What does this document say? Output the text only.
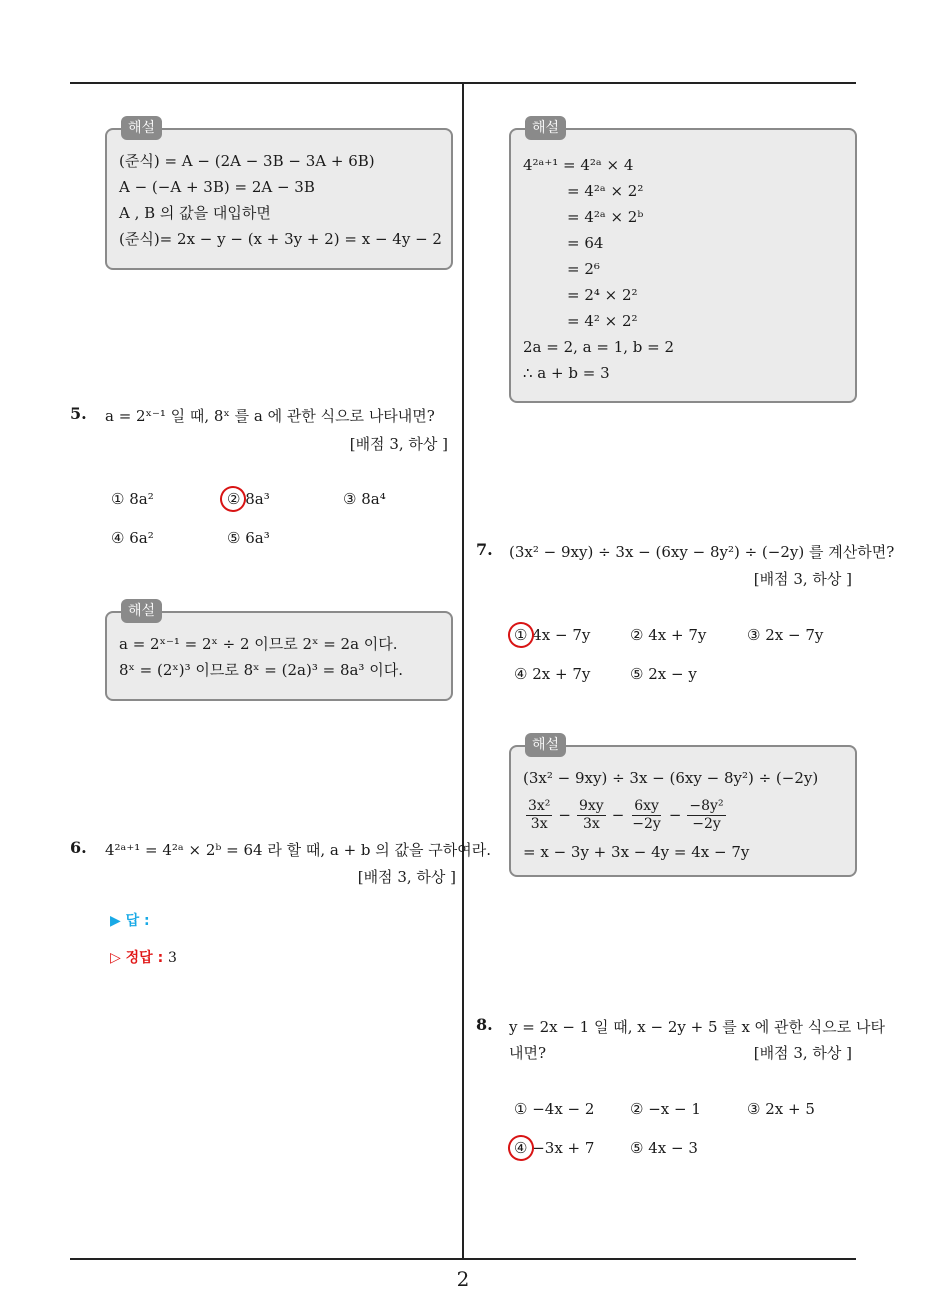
2
해설
(준식) = A − (2A − 3B − 3A + 6B)
A − (−A + 3B) = 2A − 3B
A , B 의 값을 대입하면
(준식)= 2x − y − (x + 3y + 2) = x − 4y − 2
5. a = 2ˣ⁻¹ 일 때, 8ˣ 를 a 에 관한 식으로 나타내면?
[배점 3, 하상 ]
① 8a²	② 8a³	③ 8a⁴
④ 6a²	⑤ 6a³
해설
a = 2ˣ⁻¹ = 2ˣ ÷ 2 이므로 2ˣ = 2a 이다.
8ˣ = (2ˣ)³ 이므로 8ˣ = (2a)³ = 8a³ 이다.
6. 4²ᵃ⁺¹ = 4²ᵃ × 2ᵇ = 64 라 할 때, a + b 의 값을 구하여라.
[배점 3, 하상 ]
▶ 답 :
▷ 정답 : 3
해설
4²ᵃ⁺¹ = 4²ᵃ × 4
= 4²ᵃ × 2²
= 4²ᵃ × 2ᵇ
= 64
= 2⁶
= 2⁴ × 2²
= 4² × 2²
2a = 2, a = 1, b = 2
∴ a + b = 3
7. (3x² − 9xy) ÷ 3x − (6xy − 8y²) ÷ (−2y) 를 계산하면?
[배점 3, 하상 ]
① 4x − 7y	② 4x + 7y	③ 2x − 7y
④ 2x + 7y	⑤ 2x − y
해설
(3x² − 9xy) ÷ 3x − (6xy − 8y²) ÷ (−2y)
$\frac{\text{3x²}}{3x} - \frac{9xy}{3x} - \frac{6xy}{-2y} - \frac{\text{−8y²}}{-2y}$
= x − 3y + 3x − 4y = 4x − 7y
8. y = 2x − 1 일 때, x − 2y + 5 를 x 에 관한 식으로 나타
내면?	[배점 3, 하상 ]
① −4x − 2 ② −x − 1	③ 2x + 5
④ −3x + 7 ⑤ 4x − 3
